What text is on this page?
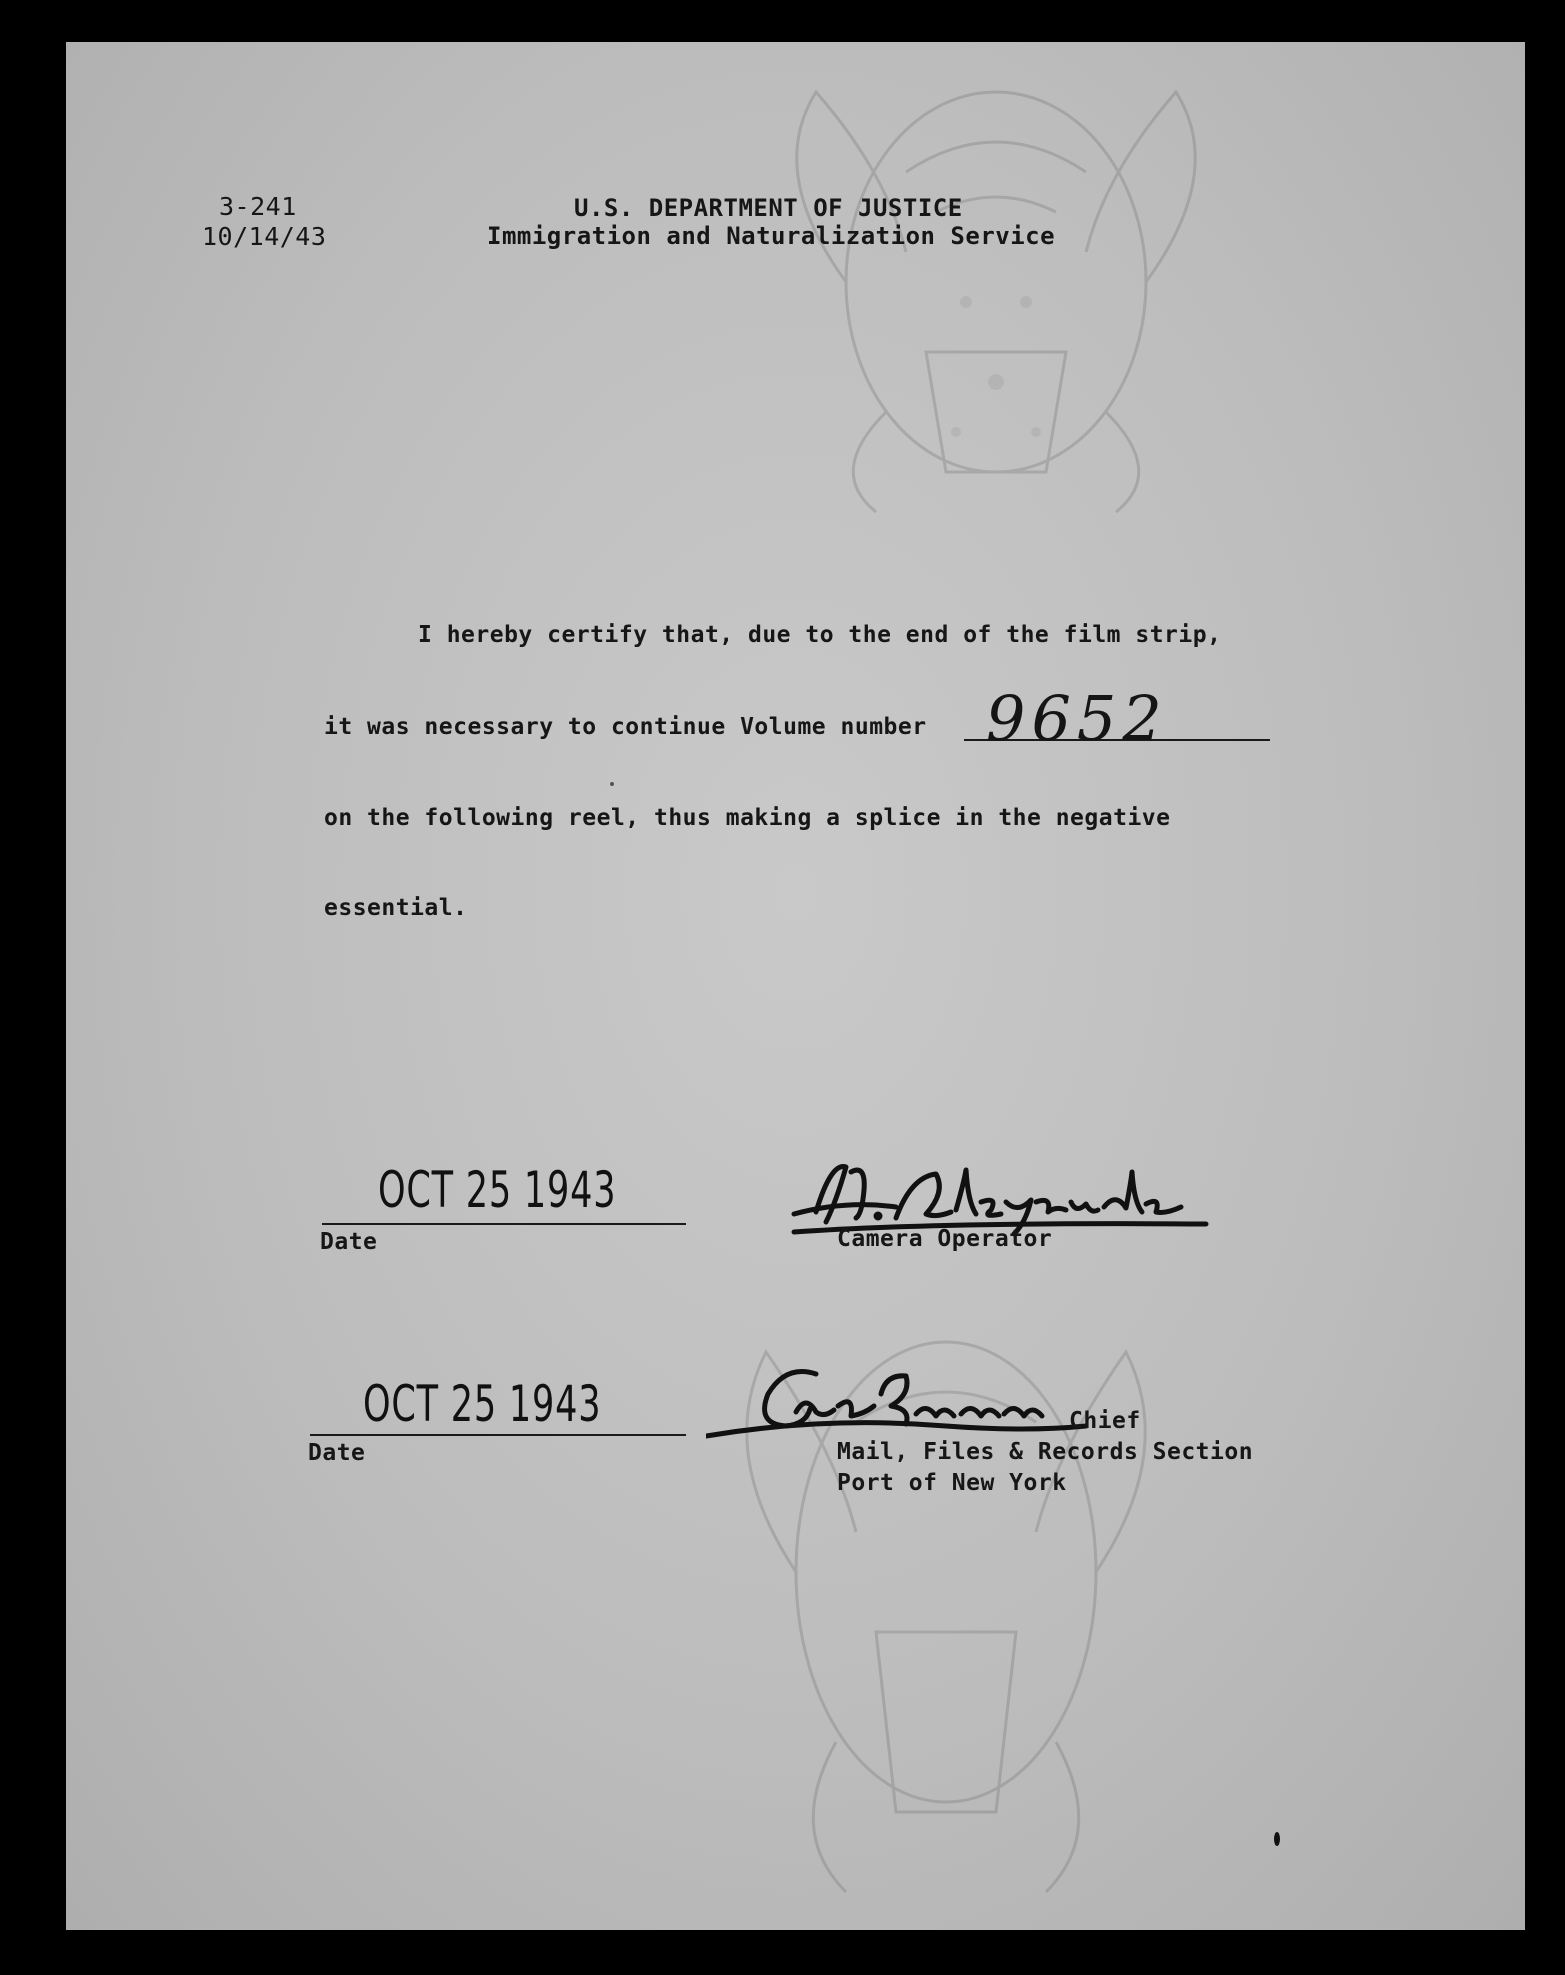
3-241
10/14/43
U.S. DEPARTMENT OF JUSTICE
Immigration and Naturalization Service
I hereby certify that, due to the end of the film strip,
it was necessary to continue Volume number 9652
on the following reel, thus making a splice in the negative
essential.
OCT 25 1943
Date	Camera Operator
OCT 25 1943
Date
Chief
Mail, Files & Records Section
Port of New York
